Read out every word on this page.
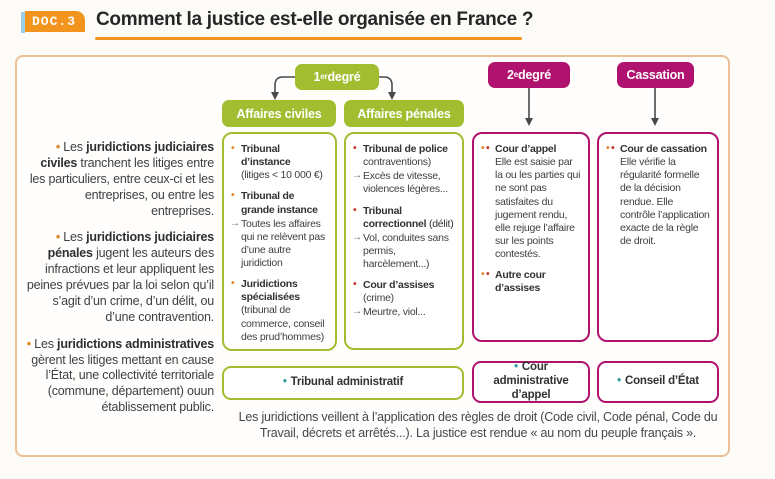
DOC.3	Comment la justice est-elle organisée en France ?
1 er degré	2 e degré	Cassation
Affaires civiles	Affaires pénales

• Les juridictions judiciaires civiles tranchent les litiges entre les particuliers, entre ceux-ci et les entreprises, ou entre les entreprises.

• Les juridictions judiciaires pénales jugent les auteurs des infractions et leur appliquent les peines prévues par la loi selon qu’il s’agit d’un crime, d’un délit, ou d’une contravention.

• Les juridictions administratives gèrent les litiges mettant en cause l’État, une collectivité territoriale (commune, département) ouun établissement public.

• Tribunal d’instance
(litiges < 10 000 €)
• Tribunal de grande instance
→ Toutes les affaires qui ne relèvent pas d’une autre juridiction
• Juridictions spécialisées
(tribunal de commerce, conseil des prud’hommes)
• Tribunal de police
contraventions)
→ Excès de vitesse, violences légères...
• Tribunal correctionnel (délit)
→ Vol, conduites sans permis, harcèlement...)
• Cour d’assises
(crime)
→ Meurtre, viol...
• • Cour d’appel
Elle est saisie par la ou les parties qui ne sont pas satisfaites du jugement rendu, elle rejuge l’affaire sur les points contestés.
• • Autre cour d’assises
• • Cour de cassation
Elle vérifie la régularité formelle de la décision rendue. Elle contrôle l’application exacte de la règle de droit.
• Tribunal administratif
• Cour administrative d’appel
• Conseil d’État
Les juridictions veillent à l’application des règles de droit (Code civil, Code pénal, Code du Travail, décrets et arrêtés...). La justice est rendue « au nom du peuple français ».
